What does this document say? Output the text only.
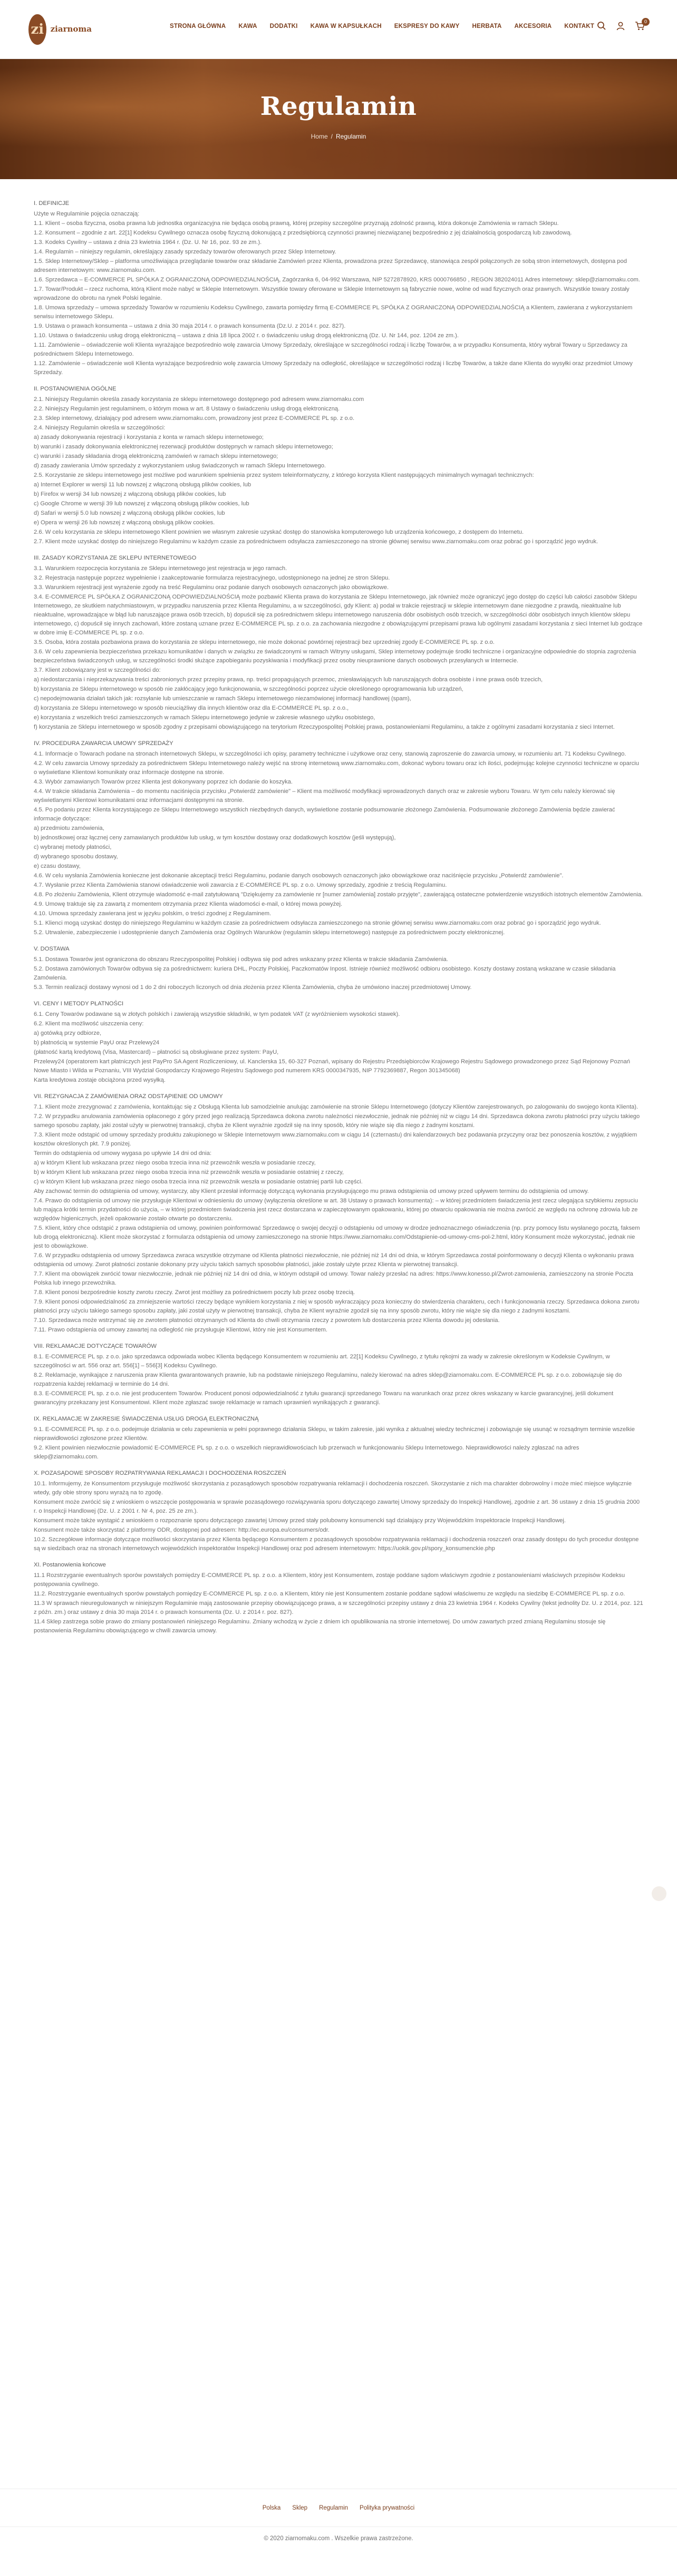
zi ziarnoma	STRONA GŁÓWNA	KAWA	DODATKI	KAWA W KAPSUŁKACH	EKSPRESY DO KAWY	HERBATA	AKCESORIA	KONTAKT
0
Regulamin
Home / Regulamin
I. DEFINICJE
Użyte w Regulaminie pojęcia oznaczają:
1.1. Klient – osoba fizyczna, osoba prawna lub jednostka organizacyjna nie będąca osobą prawną, której przepisy szczególne przyznają zdolność prawną, która dokonuje Zamówienia w ramach Sklepu.
1.2. Konsument – zgodnie z art. 22[1] Kodeksu Cywilnego oznacza osobę fizyczną dokonującą z przedsiębiorcą czynności prawnej niezwiązanej bezpośrednio z jej działalnością gospodarczą lub zawodową.
1.3. Kodeks Cywilny – ustawa z dnia 23 kwietnia 1964 r. (Dz. U. Nr 16, poz. 93 ze zm.).
1.4. Regulamin – niniejszy regulamin, określający zasady sprzedaży towarów oferowanych przez Sklep Internetowy.
1.5. Sklep Internetowy/Sklep – platforma umożliwiająca przeglądanie towarów oraz składanie Zamówień przez Klienta, prowadzona przez Sprzedawcę, stanowiąca zespół połączonych ze sobą stron internetowych, dostępna pod adresem internetowym: www.ziarnomaku.com.
1.6. Sprzedawca – E-COMMERCE PL SPÓŁKA Z OGRANICZONĄ ODPOWIEDZIALNOŚCIĄ, Zagórzanka 6, 04-992 Warszawa, NIP 5272878920, KRS 0000766850 , REGON 382024011 Adres internetowy: sklep@ziarnomaku.com.
1.7. Towar/Produkt – rzecz ruchoma, którą Klient może nabyć w Sklepie Internetowym. Wszystkie towary oferowane w Sklepie Internetowym są fabrycznie nowe, wolne od wad fizycznych oraz prawnych. Wszystkie towary zostały wprowadzone do obrotu na rynek Polski legalnie.
1.8. Umowa sprzedaży – umowa sprzedaży Towarów w rozumieniu Kodeksu Cywilnego, zawarta pomiędzy firmą E-COMMERCE PL SPÓŁKA Z OGRANICZONĄ ODPOWIEDZIALNOŚCIĄ a Klientem, zawierana z wykorzystaniem serwisu internetowego Sklepu.
1.9. Ustawa o prawach konsumenta – ustawa z dnia 30 maja 2014 r. o prawach konsumenta (Dz.U. z 2014 r. poz. 827).
1.10. Ustawa o świadczeniu usług drogą elektroniczną – ustawa z dnia 18 lipca 2002 r. o świadczeniu usług drogą elektroniczną (Dz. U. Nr 144, poz. 1204 ze zm.).
1.11. Zamówienie – oświadczenie woli Klienta wyrażające bezpośrednio wolę zawarcia Umowy Sprzedaży, określające w szczególności rodzaj i liczbę Towarów, a w przypadku Konsumenta, który wybrał Towary u Sprzedawcy za pośrednictwem Sklepu Internetowego.
1.12. Zamówienie – oświadczenie woli Klienta wyrażające bezpośrednio wolę zawarcia Umowy Sprzedaży na odległość, określające w szczególności rodzaj i liczbę Towarów, a także dane Klienta do wysyłki oraz przedmiot Umowy Sprzedaży.
II. POSTANOWIENIA OGÓLNE
2.1. Niniejszy Regulamin określa zasady korzystania ze sklepu internetowego dostępnego pod adresem www.ziarnomaku.com
2.2. Niniejszy Regulamin jest regulaminem, o którym mowa w art. 8 Ustawy o świadczeniu usług drogą elektroniczną.
2.3. Sklep internetowy, działający pod adresem www.ziarnomaku.com, prowadzony jest przez E-COMMERCE PL sp. z o.o.
2.4. Niniejszy Regulamin określa w szczególności:
a) zasady dokonywania rejestracji i korzystania z konta w ramach sklepu internetowego;
b) warunki i zasady dokonywania elektronicznej rezerwacji produktów dostępnych w ramach sklepu internetowego;
c) warunki i zasady składania drogą elektroniczną zamówień w ramach sklepu internetowego;
d) zasady zawierania Umów sprzedaży z wykorzystaniem usług świadczonych w ramach Sklepu Internetowego.
2.5. Korzystanie ze sklepu internetowego jest możliwe pod warunkiem spełnienia przez system teleinformatyczny, z którego korzysta Klient następujących minimalnych wymagań technicznych:
a) Internet Explorer w wersji 11 lub nowszej z włączoną obsługą plików cookies, lub
b) Firefox w wersji 34 lub nowszej z włączoną obsługą plików cookies, lub
c) Google Chrome w wersji 39 lub nowszej z włączoną obsługą plików cookies, lub
d) Safari w wersji 5.0 lub nowszej z włączoną obsługą plików cookies, lub
e) Opera w wersji 26 lub nowszej z włączoną obsługą plików cookies.
2.6. W celu korzystania ze sklepu internetowego Klient powinien we własnym zakresie uzyskać dostęp do stanowiska komputerowego lub urządzenia końcowego, z dostępem do Internetu.
2.7. Klient może uzyskać dostęp do niniejszego Regulaminu w każdym czasie za pośrednictwem odsyłacza zamieszczonego na stronie głównej serwisu www.ziarnomaku.com oraz pobrać go i sporządzić jego wydruk.
III. ZASADY KORZYSTANIA ZE SKLEPU INTERNETOWEGO
3.1. Warunkiem rozpoczęcia korzystania ze Sklepu internetowego jest rejestracja w jego ramach.
3.2. Rejestracja następuje poprzez wypełnienie i zaakceptowanie formularza rejestracyjnego, udostępnionego na jednej ze stron Sklepu.
3.3. Warunkiem rejestracji jest wyrażenie zgody na treść Regulaminu oraz podanie danych osobowych oznaczonych jako obowiązkowe.
3.4. E-COMMERCE PL SPÓŁKA Z OGRANICZONĄ ODPOWIEDZIALNOŚCIĄ może pozbawić Klienta prawa do korzystania ze Sklepu Internetowego, jak również może ograniczyć jego dostęp do części lub całości zasobów Sklepu Internetowego, ze skutkiem natychmiastowym, w przypadku naruszenia przez Klienta Regulaminu, a w szczególności, gdy Klient: a) podał w trakcie rejestracji w sklepie internetowym dane niezgodne z prawdą, nieaktualne lub nieaktualne, wprowadzające w błąd lub naruszające prawa osób trzecich, b) dopuścił się za pośrednictwem sklepu internetowego naruszenia dóbr osobistych osób trzecich, w szczególności dóbr osobistych innych klientów sklepu internetowego, c) dopuścił się innych zachowań, które zostaną uznane przez E-COMMERCE PL sp. z o.o. za zachowania niezgodne z obowiązującymi przepisami prawa lub ogólnymi zasadami korzystania z sieci Internet lub godzące w dobre imię E-COMMERCE PL sp. z o.o.
3.5. Osoba, która została pozbawiona prawa do korzystania ze sklepu internetowego, nie może dokonać powtórnej rejestracji bez uprzedniej zgody E-COMMERCE PL sp. z o.o.
3.6. W celu zapewnienia bezpieczeństwa przekazu komunikatów i danych w związku ze świadczonymi w ramach Witryny usługami, Sklep internetowy podejmuje środki techniczne i organizacyjne odpowiednie do stopnia zagrożenia bezpieczeństwa świadczonych usług, w szczególności środki służące zapobieganiu pozyskiwania i modyfikacji przez osoby nieuprawnione danych osobowych przesyłanych w Internecie.
3.7. Klient zobowiązany jest w szczególności do:
a) niedostarczania i nieprzekazywania treści zabronionych przez przepisy prawa, np. treści propagujących przemoc, zniesławiających lub naruszających dobra osobiste i inne prawa osób trzecich,
b) korzystania ze Sklepu internetowego w sposób nie zakłócający jego funkcjonowania, w szczególności poprzez użycie określonego oprogramowania lub urządzeń,
c) nepodejmowania działań takich jak: rozsyłanie lub umieszczanie w ramach Sklepu internetowego niezamówionej informacji handlowej (spam),
d) korzystania ze Sklepu internetowego w sposób nieuciążliwy dla innych klientów oraz dla E-COMMERCE PL sp. z o.o.,
e) korzystania z wszelkich treści zamieszczonych w ramach Sklepu internetowego jedynie w zakresie własnego użytku osobistego,
f) korzystania ze Sklepu internetowego w sposób zgodny z przepisami obowiązującego na terytorium Rzeczypospolitej Polskiej prawa, postanowieniami Regulaminu, a także z ogólnymi zasadami korzystania z sieci Internet.
IV. PROCEDURA ZAWARCIA UMOWY SPRZEDAŻY
4.1. Informacje o Towarach podane na stronach internetowych Sklepu, w szczególności ich opisy, parametry techniczne i użytkowe oraz ceny, stanowią zaproszenie do zawarcia umowy, w rozumieniu art. 71 Kodeksu Cywilnego.
4.2. W celu zawarcia Umowy sprzedaży za pośrednictwem Sklepu Internetowego należy wejść na stronę internetową www.ziarnomaku.com, dokonać wyboru towaru oraz ich ilości, podejmując kolejne czynności techniczne w oparciu o wyświetlane Klientowi komunikaty oraz informacje dostępne na stronie.
4.3. Wybór zamawianych Towarów przez Klienta jest dokonywany poprzez ich dodanie do koszyka.
4.4. W trakcie składania Zamówienia – do momentu naciśnięcia przycisku „Potwierdź zamówienie" – Klient ma możliwość modyfikacji wprowadzonych danych oraz w zakresie wyboru Towaru. W tym celu należy kierować się wyświetlanymi Klientowi komunikatami oraz informacjami dostępnymi na stronie.
4.5. Po podaniu przez Klienta korzystającego ze Sklepu Internetowego wszystkich niezbędnych danych, wyświetlone zostanie podsumowanie złożonego Zamówienia. Podsumowanie złożonego Zamówienia będzie zawierać informacje dotyczące:
a) przedmiotu zamówienia,
b) jednostkowej oraz łącznej ceny zamawianych produktów lub usług, w tym kosztów dostawy oraz dodatkowych kosztów (jeśli występują),
c) wybranej metody płatności,
d) wybranego sposobu dostawy,
e) czasu dostawy,
4.6. W celu wysłania Zamówienia konieczne jest dokonanie akceptacji treści Regulaminu, podanie danych osobowych oznaczonych jako obowiązkowe oraz naciśnięcie przycisku „Potwierdź zamówienie".
4.7. Wysłanie przez Klienta Zamówienia stanowi oświadczenie woli zawarcia z E-COMMERCE PL sp. z o.o. Umowy sprzedaży, zgodnie z treścią Regulaminu.
4.8. Po złożeniu Zamówienia, Klient otrzymuje wiadomość e-mail zatytułowaną "Dziękujemy za zamówienie nr [numer zamówienia] zostało przyjęte", zawierającą ostateczne potwierdzenie wszystkich istotnych elementów Zamówienia.
4.9. Umowę traktuje się za zawartą z momentem otrzymania przez Klienta wiadomości e-mail, o której mowa powyżej.
4.10. Umowa sprzedaży zawierana jest w języku polskim, o treści zgodnej z Regulaminem.
5.1. Klienci mogą uzyskać dostęp do niniejszego Regulaminu w każdym czasie za pośrednictwem odsyłacza zamieszczonego na stronie głównej serwisu www.ziarnomaku.com oraz pobrać go i sporządzić jego wydruk.
5.2. Utrwalenie, zabezpieczenie i udostępnienie danych Zamówienia oraz Ogólnych Warunków (regulamin sklepu internetowego) następuje za pośrednictwem poczty elektronicznej.
V. DOSTAWA
5.1. Dostawa Towarów jest ograniczona do obszaru Rzeczypospolitej Polskiej i odbywa się pod adres wskazany przez Klienta w trakcie składania Zamówienia.
5.2. Dostawa zamówionych Towarów odbywa się za pośrednictwem: kuriera DHL, Poczty Polskiej, Paczkomatów Inpost. Istnieje również możliwość odbioru osobistego. Koszty dostawy zostaną wskazane w czasie składania Zamówienia.
5.3. Termin realizacji dostawy wynosi od 1 do 2 dni roboczych liczonych od dnia złożenia przez Klienta Zamówienia, chyba że umówiono inaczej przedmiotowej Umowy.
VI. CENY I METODY PŁATNOŚCI
6.1. Ceny Towarów podawane są w złotych polskich i zawierają wszystkie składniki, w tym podatek VAT (z wyróżnieniem wysokości stawek).
6.2. Klient ma możliwość uiszczenia ceny:
a) gotówką przy odbiorze,
b) płatnością w systemie PayU oraz Przelewy24
(płatność kartą kredytową (Visa, Mastercard) – płatności są obsługiwane przez system: PayU,
Przelewy24 (operatorem kart płatniczych jest PayPro SA Agent Rozliczeniowy, ul. Kanclerska 15, 60-327 Poznań, wpisany do Rejestru Przedsiębiorców Krajowego Rejestru Sądowego prowadzonego przez Sąd Rejonowy Poznań Nowe Miasto i Wilda w Poznaniu, VIII Wydział Gospodarczy Krajowego Rejestru Sądowego pod numerem KRS 0000347935, NIP 7792369887, Regon 301345068)
Karta kredytowa zostaje obciążona przed wysyłką.
VII. REZYGNACJA Z ZAMÓWIENIA ORAZ ODSTĄPIENIE OD UMOWY
7.1. Klient może zrezygnować z zamówienia, kontaktując się z Obsługą Klienta lub samodzielnie anulując zamówienie na stronie Sklepu Internetowego (dotyczy Klientów zarejestrowanych, po zalogowaniu do swojego konta Klienta).
7.2. W przypadku anulowania zamówienia opłaconego z góry przed jego realizacją Sprzedawca dokona zwrotu należności niezwłocznie, jednak nie później niż w ciągu 14 dni. Sprzedawca dokona zwrotu płatności przy użyciu takiego samego sposobu zapłaty, jaki został użyty w pierwotnej transakcji, chyba że Klient wyraźnie zgodził się na inny sposób, który nie wiąże się dla niego z żadnymi kosztami.
7.3. Klient może odstąpić od umowy sprzedaży produktu zakupionego w Sklepie Internetowym www.ziarnomaku.com w ciągu 14 (czternastu) dni kalendarzowych bez podawania przyczyny oraz bez ponoszenia kosztów, z wyjątkiem kosztów określonych pkt. 7.9 poniżej.
Termin do odstąpienia od umowy wygasa po upływie 14 dni od dnia:
a) w którym Klient lub wskazana przez niego osoba trzecia inna niż przewoźnik weszła w posiadanie rzeczy,
b) w którym Klient lub wskazana przez niego osoba trzecia inna niż przewoźnik weszła w posiadanie ostatniej z rzeczy,
c) w którym Klient lub wskazana przez niego osoba trzecia inna niż przewoźnik weszła w posiadanie ostatniej partii lub części.
Aby zachować termin do odstąpienia od umowy, wystarczy, aby Klient przesłał informację dotyczącą wykonania przysługującego mu prawa odstąpienia od umowy przed upływem terminu do odstąpienia od umowy.
7.4. Prawo do odstąpienia od umowy nie przysługuje Klientowi w odniesieniu do umowy (wyłączenia określone w art. 38 Ustawy o prawach konsumenta): – w której przedmiotem świadczenia jest rzecz ulegająca szybkiemu zepsuciu lub mająca krótki termin przydatności do użycia, – w której przedmiotem świadczenia jest rzecz dostarczana w zapieczętowanym opakowaniu, której po otwarciu opakowania nie można zwrócić ze względu na ochronę zdrowia lub ze względów higienicznych, jeżeli opakowanie zostało otwarte po dostarczeniu.
7.5. Klient, który chce odstąpić z prawa odstąpienia od umowy, powinien poinformować Sprzedawcę o swojej decyzji o odstąpieniu od umowy w drodze jednoznacznego oświadczenia (np. przy pomocy listu wysłanego pocztą, faksem lub drogą elektroniczną). Klient może skorzystać z formularza odstąpienia od umowy zamieszczonego na stronie https://www.ziarnomaku.com/Odstąpienie-od-umowy-cms-pol-2.html, który Konsument może wykorzystać, jednak nie jest to obowiązkowe.
7.6. W przypadku odstąpienia od umowy Sprzedawca zwraca wszystkie otrzymane od Klienta płatności niezwłocznie, nie później niż 14 dni od dnia, w którym Sprzedawca został poinformowany o decyzji Klienta o wykonaniu prawa odstąpienia od umowy. Zwrot płatności zostanie dokonany przy użyciu takich samych sposobów płatności, jakie zostały użyte przez Klienta w pierwotnej transakcji.
7.7. Klient ma obowiązek zwrócić towar niezwłocznie, jednak nie później niż 14 dni od dnia, w którym odstąpił od umowy. Towar należy przesłać na adres: https://www.konesso.pl/Zwrot-zamowienia, zamieszczony na stronie Poczta Polska lub innego przewoźnika.
7.8. Klient ponosi bezpośrednie koszty zwrotu rzeczy. Zwrot jest możliwy za pośrednictwem poczty lub przez osobę trzecią.
7.9. Klient ponosi odpowiedzialność za zmniejszenie wartości rzeczy będące wynikiem korzystania z niej w sposób wykraczający poza konieczny do stwierdzenia charakteru, cech i funkcjonowania rzeczy. Sprzedawca dokona zwrotu płatności przy użyciu takiego samego sposobu zapłaty, jaki został użyty w pierwotnej transakcji, chyba że Klient wyraźnie zgodził się na inny sposób zwrotu, który nie wiąże się dla niego z żadnymi kosztami.
7.10. Sprzedawca może wstrzymać się ze zwrotem płatności otrzymanych od Klienta do chwili otrzymania rzeczy z powrotem lub dostarczenia przez Klienta dowodu jej odesłania.
7.11. Prawo odstąpienia od umowy zawartej na odległość nie przysługuje Klientowi, który nie jest Konsumentem.
VIII. REKLAMACJE DOTYCZĄCE TOWARÓW
8.1. E-COMMERCE PL sp. z o.o. jako sprzedawca odpowiada wobec Klienta będącego Konsumentem w rozumieniu art. 22[1] Kodeksu Cywilnego, z tytułu rękojmi za wady w zakresie określonym w Kodeksie Cywilnym, w szczególności w art. 556 oraz art. 556[1] – 556[3] Kodeksu Cywilnego.
8.2. Reklamacje, wynikające z naruszenia praw Klienta gwarantowanych prawnie, lub na podstawie niniejszego Regulaminu, należy kierować na adres sklep@ziarnomaku.com. E-COMMERCE PL sp. z o.o. zobowiązuje się do rozpatrzenia każdej reklamacji w terminie do 14 dni.
8.3. E-COMMERCE PL sp. z o.o. nie jest producentem Towarów. Producent ponosi odpowiedzialność z tytułu gwarancji sprzedanego Towaru na warunkach oraz przez okres wskazany w karcie gwarancyjnej, jeśli dokument gwarancyjny przekazany jest Konsumentowi. Klient może zgłaszać swoje reklamacje w ramach uprawnień wynikających z gwarancji.
IX. REKLAMACJE W ZAKRESIE ŚWIADCZENIA USŁUG DROGĄ ELEKTRONICZNĄ
9.1. E-COMMERCE PL sp. z o.o. podejmuje działania w celu zapewnienia w pełni poprawnego działania Sklepu, w takim zakresie, jaki wynika z aktualnej wiedzy technicznej i zobowiązuje się usunąć w rozsądnym terminie wszelkie nieprawidłowości zgłoszone przez Klientów.
9.2. Klient powinien niezwłocznie powiadomić E-COMMERCE PL sp. z o.o. o wszelkich nieprawidłowościach lub przerwach w funkcjonowaniu Sklepu Internetowego. Nieprawidłowości należy zgłaszać na adres sklep@ziarnomaku.com.
X. POZASĄDOWE SPOSOBY ROZPATRYWANIA REKLAMACJI I DOCHODZENIA ROSZCZEŃ
10.1. Informujemy, że Konsumentom przysługuje możliwość skorzystania z pozasądowych sposobów rozpatrywania reklamacji i dochodzenia roszczeń. Skorzystanie z nich ma charakter dobrowolny i może mieć miejsce wyłącznie wtedy, gdy obie strony sporu wyrażą na to zgodę.
Konsument może zwrócić się z wnioskiem o wszczęcie postępowania w sprawie pozasądowego rozwiązywania sporu dotyczącego zawartej Umowy sprzedaży do Inspekcji Handlowej, zgodnie z art. 36 ustawy z dnia 15 grudnia 2000 r. o Inspekcji Handlowej (Dz. U. z 2001 r. Nr 4, poz. 25 ze zm.).
Konsument może także wystąpić z wnioskiem o rozpoznanie sporu dotyczącego zawartej Umowy przed stały polubowny konsumencki sąd działający przy Wojewódzkim Inspektoracie Inspekcji Handlowej.
Konsument może także skorzystać z platformy ODR, dostępnej pod adresem: http://ec.europa.eu/consumers/odr.
10.2. Szczegółowe informacje dotyczące możliwości skorzystania przez Klienta będącego Konsumentem z pozasądowych sposobów rozpatrywania reklamacji i dochodzenia roszczeń oraz zasady dostępu do tych procedur dostępne są w siedzibach oraz na stronach internetowych wojewódzkich inspektoratów Inspekcji Handlowej oraz pod adresem internetowym: https://uokik.gov.pl/spory_konsumenckie.php
XI. Postanowienia końcowe
11.1 Rozstrzyganie ewentualnych sporów powstałych pomiędzy E-COMMERCE PL sp. z o.o. a Klientem, który jest Konsumentem, zostaje poddane sądom właściwym zgodnie z postanowieniami właściwych przepisów Kodeksu postępowania cywilnego.
11.2. Rozstrzyganie ewentualnych sporów powstałych pomiędzy E-COMMERCE PL sp. z o.o. a Klientem, który nie jest Konsumentem zostanie poddane sądowi właściwemu ze względu na siedzibę E-COMMERCE PL sp. z o.o.
11.3 W sprawach nieuregulowanych w niniejszym Regulaminie mają zastosowanie przepisy obowiązującego prawa, a w szczególności przepisy ustawy z dnia 23 kwietnia 1964 r. Kodeks Cywilny (tekst jednolity Dz. U. z 2014, poz. 121 z późn. zm.) oraz ustawy z dnia 30 maja 2014 r. o prawach konsumenta (Dz. U. z 2014 r. poz. 827).
11.4 Sklep zastrzega sobie prawo do zmiany postanowień niniejszego Regulaminu. Zmiany wchodzą w życie z dniem ich opublikowania na stronie internetowej. Do umów zawartych przed zmianą Regulaminu stosuje się postanowienia Regulaminu obowiązującego w chwili zawarcia umowy.
Polska	Sklep	Regulamin	Polityka prywatności
© 2020 ziarnomaku.com . Wszelkie prawa zastrzeżone.
